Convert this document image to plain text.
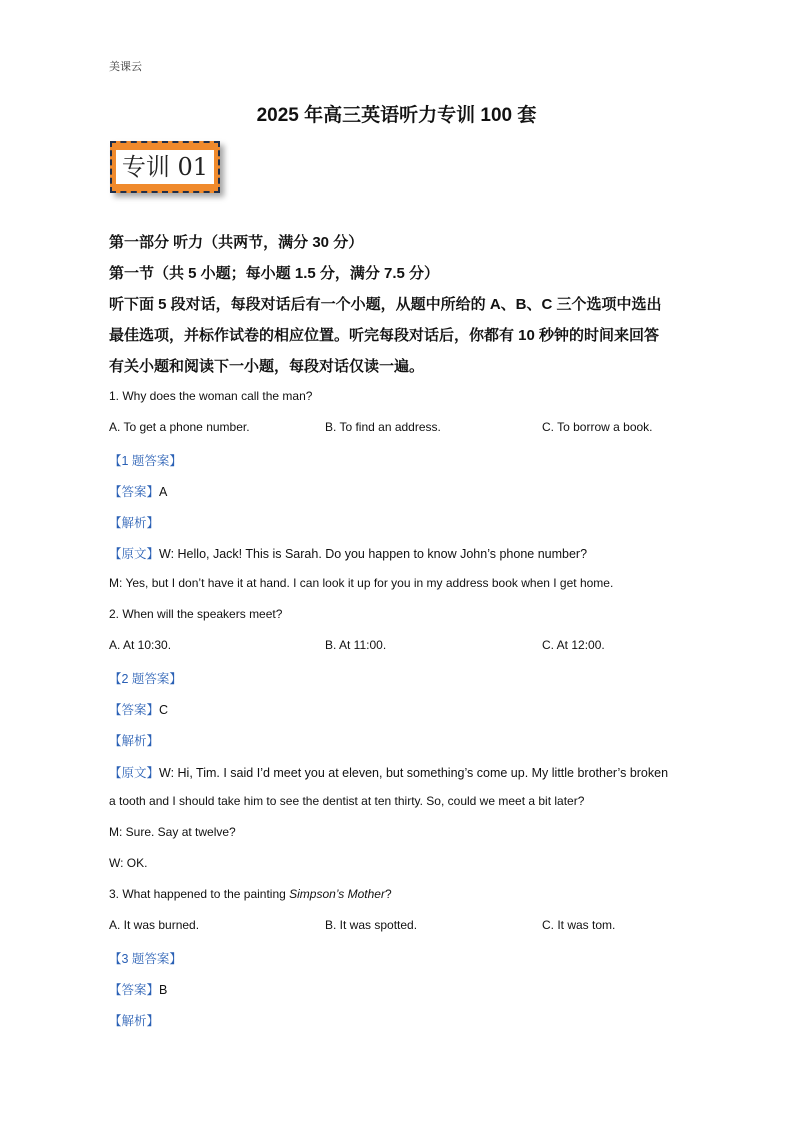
美课云
2025 年高三英语听力专训 100 套
专训 01
第一部分 听力（共两节，满分 30 分）
第一节（共 5 小题；每小题 1.5 分，满分 7.5 分）
听下面 5 段对话，每段对话后有一个小题，从题中所给的 A、B、C 三个选项中选出
最佳选项，并标作试卷的相应位置。听完每段对话后，你都有 10 秒钟的时间来回答
有关小题和阅读下一小题，每段对话仅读一遍。
1. Why does the woman call the man?
A. To get a phone number.	B. To find an address.	C. To borrow a book.
【1 题答案】
【答案】A
【解析】
【原文】W: Hello, Jack! This is Sarah. Do you happen to know John’s phone number?
M: Yes, but I don’t have it at hand. I can look it up for you in my address book when I get home.
2. When will the speakers meet?
A. At 10:30.	B. At 11:00.	C. At 12:00.
【2 题答案】
【答案】C
【解析】
【原文】W: Hi, Tim. I said I’d meet you at eleven, but something’s come up. My little brother’s broken
a tooth and I should take him to see the dentist at ten thirty. So, could we meet a bit later?
M: Sure. Say at twelve?
W: OK.
3. What happened to the painting Simpson’s Mother?
A. It was burned.	B. It was spotted.	C. It was tom.
【3 题答案】
【答案】B
【解析】
